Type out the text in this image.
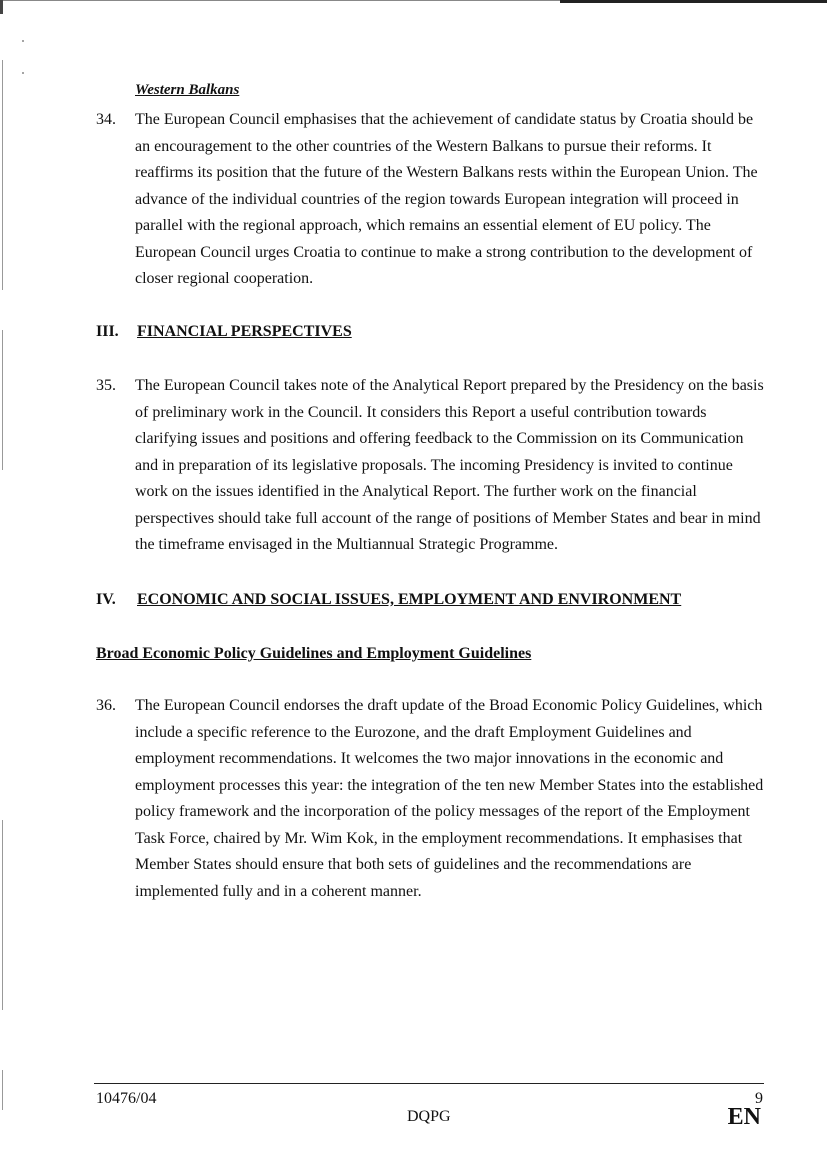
Western Balkans
34. The European Council emphasises that the achievement of candidate status by Croatia should be an encouragement to the other countries of the Western Balkans to pursue their reforms. It reaffirms its position that the future of the Western Balkans rests within the European Union. The advance of the individual countries of the region towards European integration will proceed in parallel with the regional approach, which remains an essential element of EU policy. The European Council urges Croatia to continue to make a strong contribution to the development of closer regional cooperation.

III. FINANCIAL PERSPECTIVES
35. The European Council takes note of the Analytical Report prepared by the Presidency on the basis of preliminary work in the Council. It considers this Report a useful contribution towards clarifying issues and positions and offering feedback to the Commission on its Communication and in preparation of its legislative proposals. The incoming Presidency is invited to continue work on the issues identified in the Analytical Report. The further work on the financial perspectives should take full account of the range of positions of Member States and bear in mind the timeframe envisaged in the Multiannual Strategic Programme.

IV. ECONOMIC AND SOCIAL ISSUES, EMPLOYMENT AND ENVIRONMENT
Broad Economic Policy Guidelines and Employment Guidelines
36. The European Council endorses the draft update of the Broad Economic Policy Guidelines, which include a specific reference to the Eurozone, and the draft Employment Guidelines and employment recommendations. It welcomes the two major innovations in the economic and employment processes this year: the integration of the ten new Member States into the established policy framework and the incorporation of the policy messages of the report of the Employment Task Force, chaired by Mr. Wim Kok, in the employment recommendations. It emphasises that Member States should ensure that both sets of guidelines and the recommendations are implemented fully and in a coherent manner.

10476/04	9

DQPG	EN
